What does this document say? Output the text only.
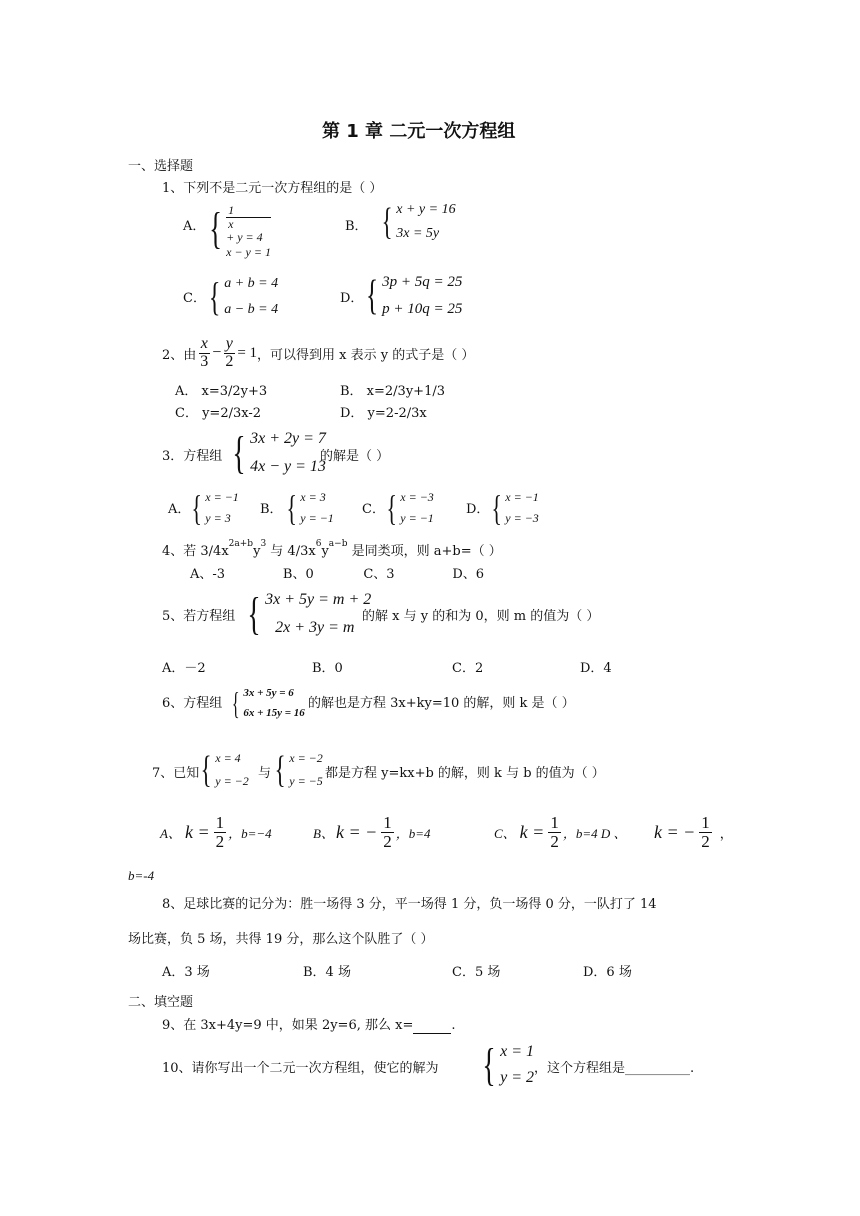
第 1 章 二元一次方程组
一、选择题
1、下列不是二元一次方程组的是（ ）
A． { 1
x
+ y = 4
x − y = 1
B． { x + y = 16
3x = 5y
C． { a + b = 4
a − b = 4
D． { 3p + 5q = 25
p + 10q = 25
2、由 $\frac{x}{3} - \frac{y}{2} = 1$ ，可以得到用 x 表示 y 的式子是（ ）
A． x=3/2y+3	B． x=2/3y+1/3
C． y=2/3x-2	D． y=2-2/3x
3．方程组 { 3x + 2y = 7
4x − y = 13
的解是（ ）
A． { x = −1
y = 3
B． { x = 3
y = −1
C． { x = −3
y = −1
D． { x = −1
y = −3
4、若 $3/4x^{2a+b}y^3$ 与 $4/3x^6y^{a-b}$ 是同类项，则 a+b=（ ）
A、-3              B、0            C、3              D、6
5、若方程组 { 3x + 5y = m + 2
2x + 3y = m
的解 x 与 y 的和为 0，则 m 的值为（ ）
A．－2	B．0	C．2	D．4
6、方程组 { 3x + 5y = 6
6x + 15y = 16
的解也是方程 3x+ky=10 的解，则 k 是（ ）
7、已知 { x = 4
y = −2 与 { x = −2
y = −5 都是方程 y=kx+b 的解，则 k 与 b 的值为（ ）
A、 $k = \frac{1}{2}$ ，b=−4	B、 k = − $\frac{1}{2}$ ，b=4	C、 $k = \frac{1}{2}$ ，b=4 D 、 k = − $\frac{1}{2}$ ，
b=-4
8、足球比赛的记分为：胜一场得 3 分，平一场得 1 分，负一场得 0 分，一队打了 14
场比赛，负 5 场，共得 19 分，那么这个队胜了（ ）
A．3 场	B．4 场	C．5 场	D．6 场
二、填空题
9、在 3x+4y=9 中，如果 2y=6, 那么 x=	.
10、请你写出一个二元一次方程组，使它的解为 { x = 1
y = 2
，这个方程组是__________.
